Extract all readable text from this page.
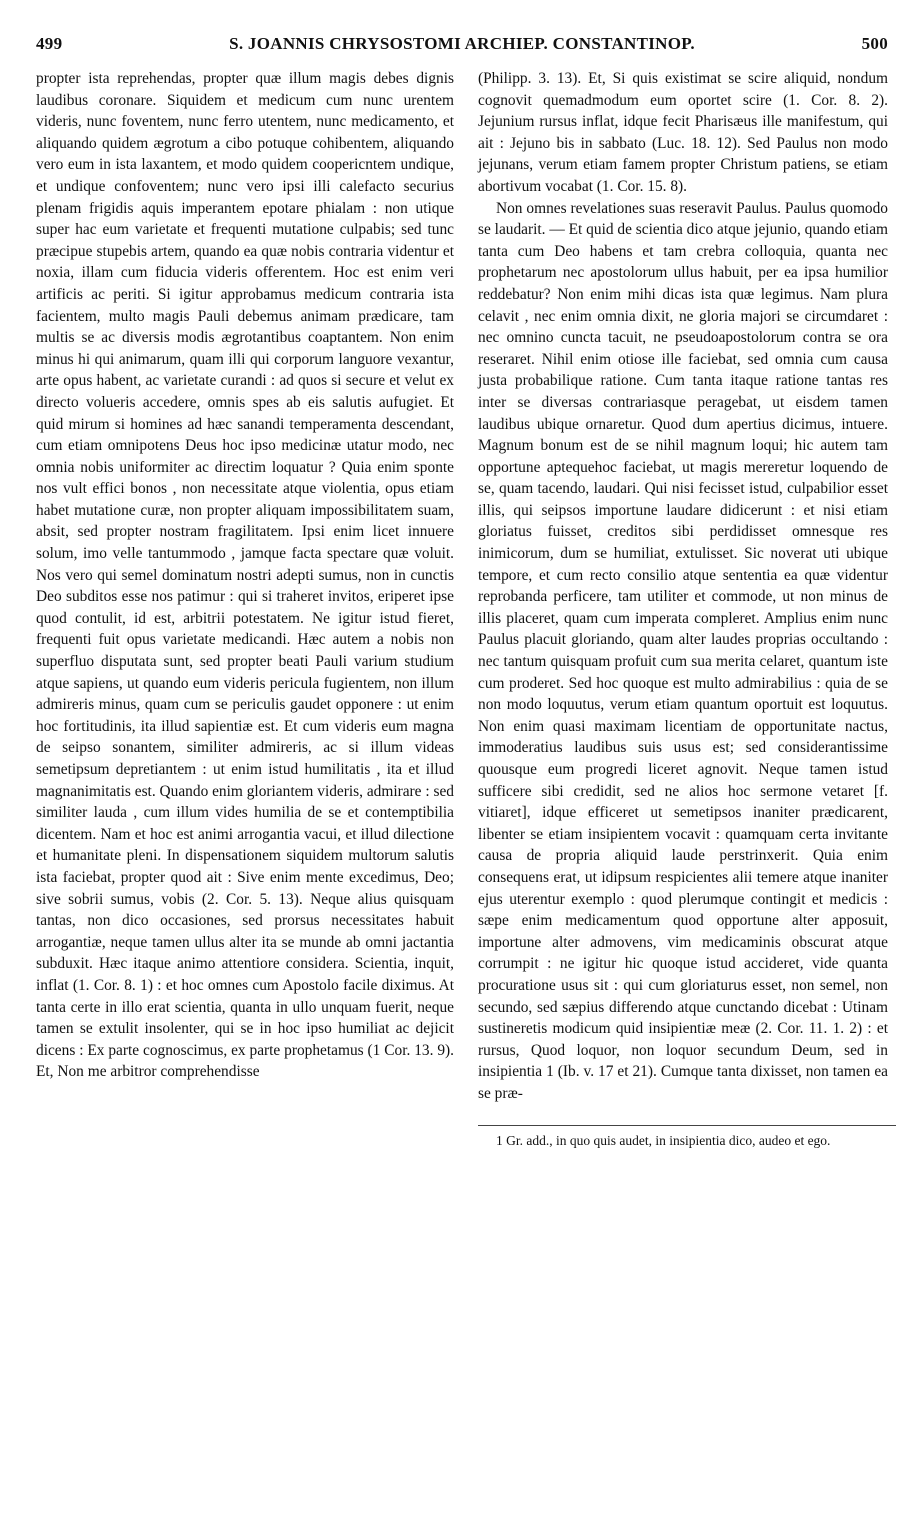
499	S. JOANNIS CHRYSOSTOMI ARCHIEP. CONSTANTINOP.	500

propter ista reprehendas, propter quæ illum magis debes dignis laudibus coronare. Siquidem et medicum cum nunc urentem videris, nunc foventem, nunc ferro utentem, nunc medicamento, et aliquando quidem ægrotum a cibo potuque cohibentem, aliquando vero eum in ista laxantem, et modo quidem coopericntem undique, et undique confoventem; nunc vero ipsi illi calefacto securius plenam frigidis aquis imperantem epotare phialam : non utique super hac eum varietate et frequenti mutatione culpabis; sed tunc præcipue stupebis artem, quando ea quæ nobis contraria videntur et noxia, illam cum fiducia videris offerentem. Hoc est enim veri artificis ac periti. Si igitur approbamus medicum contraria ista facientem, multo magis Pauli debemus animam prædicare, tam multis se ac diversis modis ægrotantibus coaptantem. Non enim minus hi qui animarum, quam illi qui corporum languore vexantur, arte opus habent, ac varietate curandi : ad quos si secure et velut ex directo volueris accedere, omnis spes ab eis salutis aufugiet. Et quid mirum si homines ad hæc sanandi temperamenta descendant, cum etiam omnipotens Deus hoc ipso medicinæ utatur modo, nec omnia nobis uniformiter ac directim loquatur ? Quia enim sponte nos vult effici bonos , non necessitate atque violentia, opus etiam habet mutatione curæ, non propter aliquam impossibilitatem suam, absit, sed propter nostram fragilitatem. Ipsi enim licet innuere solum, imo velle tantummodo , jamque facta spectare quæ voluit. Nos vero qui semel dominatum nostri adepti sumus, non in cunctis Deo subditos esse nos patimur : qui si traheret invitos, eriperet ipse quod contulit, id est, arbitrii potestatem. Ne igitur istud fieret, frequenti fuit opus varietate medicandi. Hæc autem a nobis non superfluo disputata sunt, sed propter beati Pauli varium studium atque sapiens, ut quando eum videris pericula fugientem, non illum admireris minus, quam cum se periculis gaudet opponere : ut enim hoc fortitudinis, ita illud sapientiæ est. Et cum videris eum magna de seipso sonantem, similiter admireris, ac si illum videas semetipsum depretiantem : ut enim istud humilitatis , ita et illud magnanimitatis est. Quando enim gloriantem videris, admirare : sed similiter lauda , cum illum vides humilia de se et contemptibilia dicentem. Nam et hoc est animi arrogantia vacui, et illud dilectione et humanitate pleni. In dispensationem siquidem multorum salutis ista faciebat, propter quod ait : Sive enim mente excedimus, Deo; sive sobrii sumus, vobis (2. Cor. 5. 13). Neque alius quisquam tantas, non dico occasiones, sed prorsus necessitates habuit arrogantiæ, neque tamen ullus alter ita se munde ab omni jactantia subduxit. Hæc itaque animo attentiore considera. Scientia, inquit, inflat (1. Cor. 8. 1) : et hoc omnes cum Apostolo facile diximus. At tanta certe in illo erat scientia, quanta in ullo unquam fuerit, neque tamen se extulit insolenter, qui se in hoc ipso humiliat ac dejicit dicens : Ex parte cognoscimus, ex parte prophetamus (1 Cor. 13. 9). Et, Non me arbitror comprehendisse

(Philipp. 3. 13). Et, Si quis existimat se scire aliquid, nondum cognovit quemadmodum eum oportet scire (1. Cor. 8. 2). Jejunium rursus inflat, idque fecit Pharisæus ille manifestum, qui ait : Jejuno bis in sabbato (Luc. 18. 12). Sed Paulus non modo jejunans, verum etiam famem propter Christum patiens, se etiam abortivum vocabat (1. Cor. 15. 8).

Non omnes revelationes suas reseravit Paulus. Paulus quomodo se laudarit. — Et quid de scientia dico atque jejunio, quando etiam tanta cum Deo habens et tam crebra colloquia, quanta nec prophetarum nec apostolorum ullus habuit, per ea ipsa humilior reddebatur? Non enim mihi dicas ista quæ legimus. Nam plura celavit , nec enim omnia dixit, ne gloria majori se circumdaret : nec omnino cuncta tacuit, ne pseudoapostolorum contra se ora reseraret. Nihil enim otiose ille faciebat, sed omnia cum causa justa probabilique ratione. Cum tanta itaque ratione tantas res inter se diversas contrariasque peragebat, ut eisdem tamen laudibus ubique ornaretur. Quod dum apertius dicimus, intuere. Magnum bonum est de se nihil magnum loqui; hic autem tam opportune aptequehoc faciebat, ut magis mereretur loquendo de se, quam tacendo, laudari. Qui nisi fecisset istud, culpabilior esset illis, qui seipsos importune laudare didicerunt : et nisi etiam gloriatus fuisset, creditos sibi perdidisset omnesque res inimicorum, dum se humiliat, extulisset. Sic noverat uti ubique tempore, et cum recto consilio atque sententia ea quæ videntur reprobanda perficere, tam utiliter et commode, ut non minus de illis placeret, quam cum imperata compleret. Amplius enim nunc Paulus placuit gloriando, quam alter laudes proprias occultando : nec tantum quisquam profuit cum sua merita celaret, quantum iste cum proderet. Sed hoc quoque est multo admirabilius : quia de se non modo loquutus, verum etiam quantum oportuit est loquutus. Non enim quasi maximam licentiam de opportunitate nactus, immoderatius laudibus suis usus est; sed considerantissime quousque eum progredi liceret agnovit. Neque tamen istud sufficere sibi credidit, sed ne alios hoc sermone vetaret [f. vitiaret], idque efficeret ut semetipsos inaniter prædicarent, libenter se etiam insipientem vocavit : quamquam certa invitante causa de propria aliquid laude perstrinxerit. Quia enim consequens erat, ut idipsum respicientes alii temere atque inaniter ejus uterentur exemplo : quod plerumque contingit et medicis : sæpe enim medicamentum quod opportune alter apposuit, importune alter admovens, vim medicaminis obscurat atque corrumpit : ne igitur hic quoque istud accideret, vide quanta procuratione usus sit : qui cum gloriaturus esset, non semel, non secundo, sed sæpius differendo atque cunctando dicebat : Utinam sustineretis modicum quid insipientiæ meæ (2. Cor. 11. 1. 2) : et rursus, Quod loquor, non loquor secundum Deum, sed in insipientia 1 (Ib. v. 17 et 21). Cumque tanta dixisset, non tamen ea se præ-

1 Gr. add., in quo quis audet, in insipientia dico, audeo et ego.
